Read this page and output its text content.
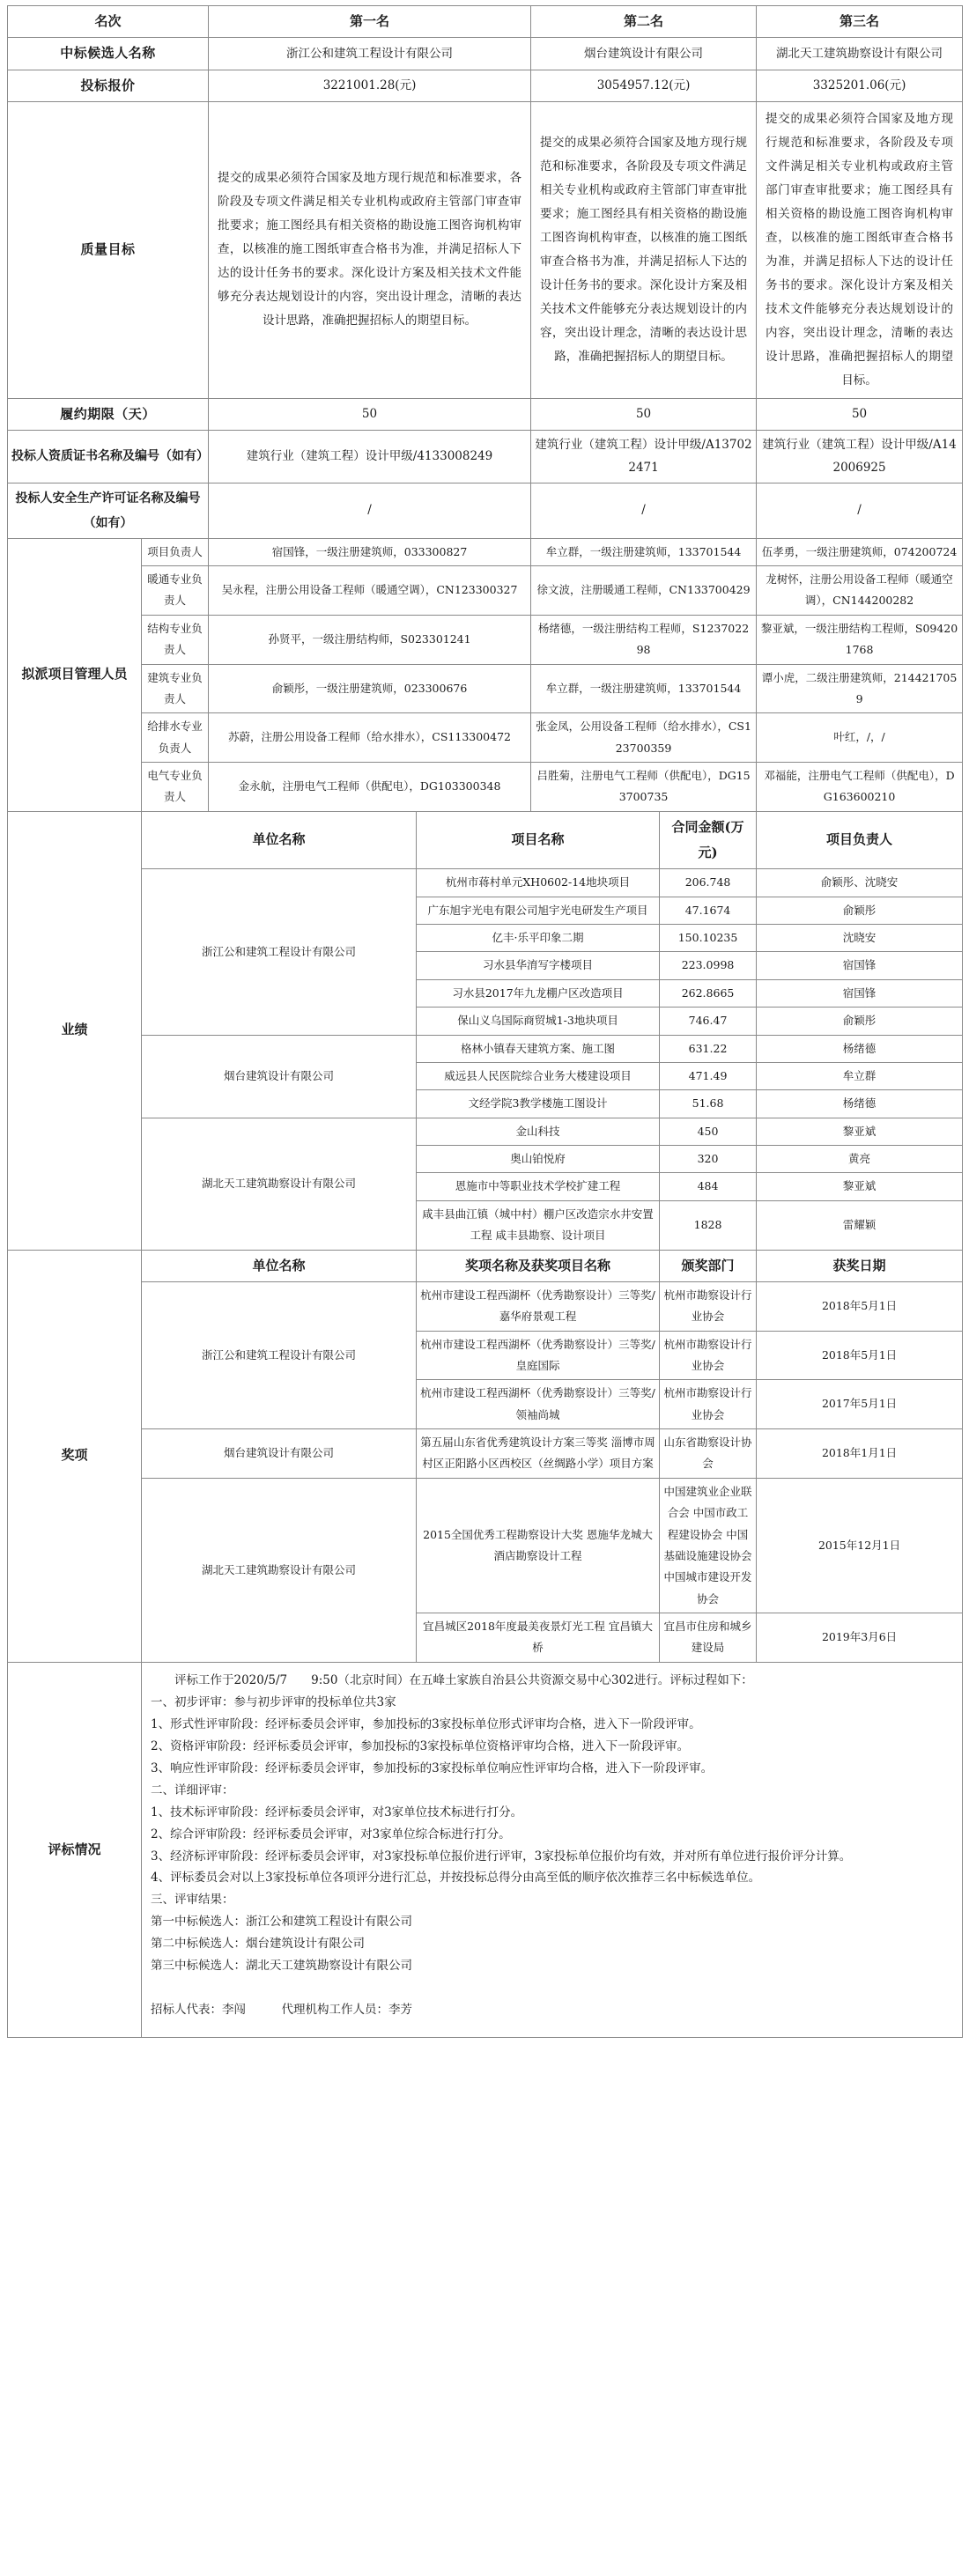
名次		第一名		第二名		第三名
中标候选人名称		浙江公和建筑工程设计有限公司		烟台建筑设计有限公司		湖北天工建筑勘察设计有限公司
投标报价		3221001.28(元)		3054957.12(元)		3325201.06(元)
质量目标		提交的成果必须符合国家及地方现行规范和标准要求，各阶段及专项文件满足相关专业机构或政府主管部门审查审批要求；施工图经具有相关资格的勘设施工图咨询机构审查，以核准的施工图纸审查合格书为准，并满足招标人下达的设计任务书的要求。深化设计方案及相关技术文件能够充分表达规划设计的内容，突出设计理念，清晰的表达设计思路，准确把握招标人的期望目标。		提交的成果必须符合国家及地方现行规范和标准要求，各阶段及专项文件满足相关专业机构或政府主管部门审查审批要求；施工图经具有相关资格的勘设施工图咨询机构审查，以核准的施工图纸审查合格书为准，并满足招标人下达的设计任务书的要求。深化设计方案及相关技术文件能够充分表达规划设计的内容，突出设计理念，清晰的表达设计思路，准确把握招标人的期望目标。		提交的成果必须符合国家及地方现行规范和标准要求，各阶段及专项文件满足相关专业机构或政府主管部门审查审批要求；施工图经具有相关资格的勘设施工图咨询机构审查，以核准的施工图纸审查合格书为准，并满足招标人下达的设计任务书的要求。深化设计方案及相关技术文件能够充分表达规划设计的内容，突出设计理念，清晰的表达设计思路，准确把握招标人的期望目标。
履约期限（天）		50		50		50
投标人资质证书名称及编号（如有）		建筑行业（建筑工程）设计甲级/4133008249		建筑行业（建筑工程）设计甲级/A137022471		建筑行业（建筑工程）设计甲级/A142006925
投标人安全生产许可证名称及编号（如有）		/		/		/
拟派项目管理人员	项目负责人	宿国锋，一级注册建筑师，033300827		牟立群，一级注册建筑师，133701544		伍孝勇，一级注册建筑师，074200724
	暖通专业负责人	吴永程，注册公用设备工程师（暖通空调），CN123300327		徐文波，注册暖通工程师，CN133700429		龙树怀，注册公用设备工程师（暖通空调），CN144200282
	结构专业负责人	孙贤平，一级注册结构师，S023301241		杨绪德，一级注册结构工程师，S123702298		黎亚斌，一级注册结构工程师，S094201768
	建筑专业负责人	俞颖彤，一级注册建筑师，023300676		牟立群，一级注册建筑师，133701544		谭小虎，二级注册建筑师，2144217059
	给排水专业负责人	苏蔚，注册公用设备工程师（给水排水），CS113300472		张金凤，公用设备工程师（给水排水），CS123700359		叶红，/，/
	电气专业负责人	金永航，注册电气工程师（供配电），DG103300348		吕胜菊，注册电气工程师（供配电），DG153700735		邓福能，注册电气工程师（供配电），DG163600210
业绩	单位名称		项目名称		合同金额(万元)	项目负责人
	浙江公和建筑工程设计有限公司		杭州市蒋村单元XH0602-14地块项目		206.748	俞颖彤、沈晓安
			广东旭宇光电有限公司旭宇光电研发生产项目		47.1674	俞颖彤
			亿丰·乐平印象二期		150.10235	沈晓安
			习水县华淯写字楼项目		223.0998	宿国锋
			习水县2017年九龙棚户区改造项目		262.8665	宿国锋
			保山义乌国际商贸城1-3地块项目		746.47	俞颖彤
	烟台建筑设计有限公司		格林小镇春天建筑方案、施工图		631.22	杨绪德
			威远县人民医院综合业务大楼建设项目		471.49	牟立群
			文经学院3教学楼施工图设计		51.68	杨绪德
	湖北天工建筑勘察设计有限公司		金山科技		450	黎亚斌
			奥山铂悦府		320	黄亮
			恩施市中等职业技术学校扩建工程		484	黎亚斌
			咸丰县曲江镇（城中村）棚户区改造宗水井安置工程 咸丰县勘察、设计项目		1828	雷耀颖
奖项	单位名称		奖项名称及获奖项目名称		颁奖部门	获奖日期
	浙江公和建筑工程设计有限公司		杭州市建设工程西湖杯（优秀勘察设计）三等奖/嘉华府景观工程		杭州市勘察设计行业协会	2018年5月1日
			杭州市建设工程西湖杯（优秀勘察设计）三等奖/皇庭国际		杭州市勘察设计行业协会	2018年5月1日
			杭州市建设工程西湖杯（优秀勘察设计）三等奖/领袖尚城		杭州市勘察设计行业协会	2017年5月1日
	烟台建筑设计有限公司		第五届山东省优秀建筑设计方案三等奖 淄博市周村区正阳路小区西校区（丝绸路小学）项目方案		山东省勘察设计协会	2018年1月1日
	湖北天工建筑勘察设计有限公司		2015全国优秀工程勘察设计大奖 恩施华龙城大酒店勘察设计工程		中国建筑业企业联合会 中国市政工程建设协会 中国基础设施建设协会 中国城市建设开发协会	2015年12月1日
			宜昌城区2018年度最美夜景灯光工程 宜昌镇大桥		宜昌市住房和城乡建设局	2019年3月6日
评标情况	

评标工作于2020/5/7　　9:50（北京时间）在五峰土家族自治县公共资源交易中心302进行。评标过程如下：

一、初步评审：参与初步评审的投标单位共3家

1、形式性评审阶段：经评标委员会评审，参加投标的3家投标单位形式评审均合格，进入下一阶段评审。

2、资格评审阶段：经评标委员会评审，参加投标的3家投标单位资格评审均合格，进入下一阶段评审。

3、响应性评审阶段：经评标委员会评审，参加投标的3家投标单位响应性评审均合格，进入下一阶段评审。

二、详细评审：

1、技术标评审阶段：经评标委员会评审，对3家单位技术标进行打分。

2、综合评审阶段：经评标委员会评审，对3家单位综合标进行打分。

3、经济标评审阶段：经评标委员会评审，对3家投标单位报价进行评审，3家投标单位报价均有效，并对所有单位进行报价评分计算。

4、评标委员会对以上3家投标单位各项评分进行汇总，并按投标总得分由高至低的顺序依次推荐三名中标候选单位。

三、评审结果：

第一中标候选人：浙江公和建筑工程设计有限公司

第二中标候选人：烟台建筑设计有限公司

第三中标候选人：湖北天工建筑勘察设计有限公司

招标人代表：李闯　　　代理机构工作人员：李芳
